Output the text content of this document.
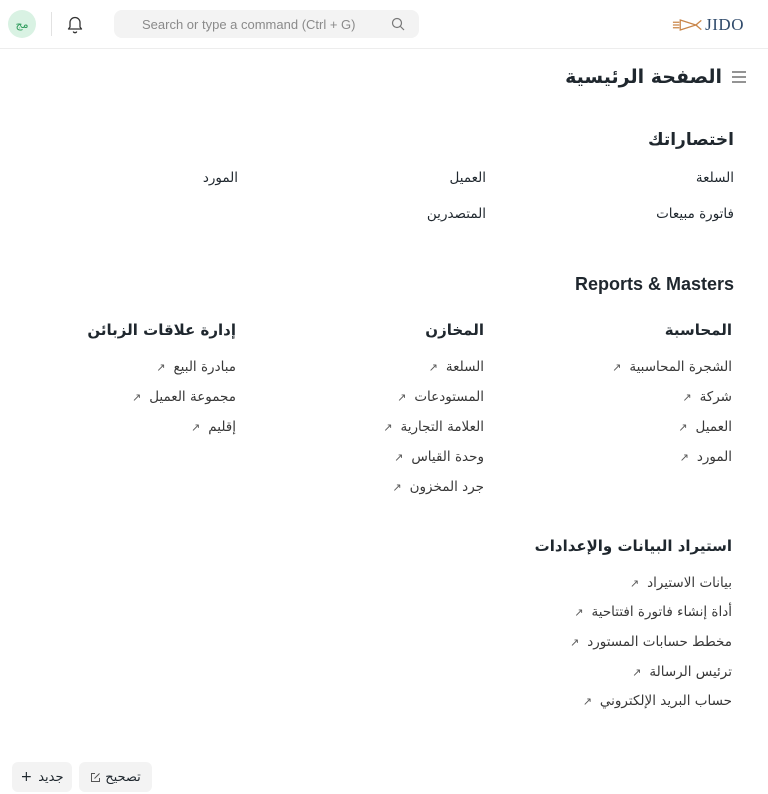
مج
Search or type a command (Ctrl + G)	JIDO
الصفحة الرئيسية
اختصاراتك
السلعة
العميل
المورد
فاتورة مبيعات
المتصدرين
Reports & Masters
المحاسبة
الشجرة المحاسبية
↗
شركة
↗
العميل
↗
المورد
↗
المخازن
السلعة
↗
المستودعات
↗
العلامة التجارية
↗
وحدة القياس
↗
جرد المخزون
↗
إدارة علاقات الزبائن
مبادرة البيع
↗
مجموعة العميل
↗
إقليم
↗
استيراد البيانات والإعدادات
بيانات الاستيراد
↗
أداة إنشاء فاتورة افتتاحية
↗
مخطط حسابات المستورد
↗
ترئيس الرسالة
↗
حساب البريد الإلكتروني
↗
جديد
+	تصحيح
